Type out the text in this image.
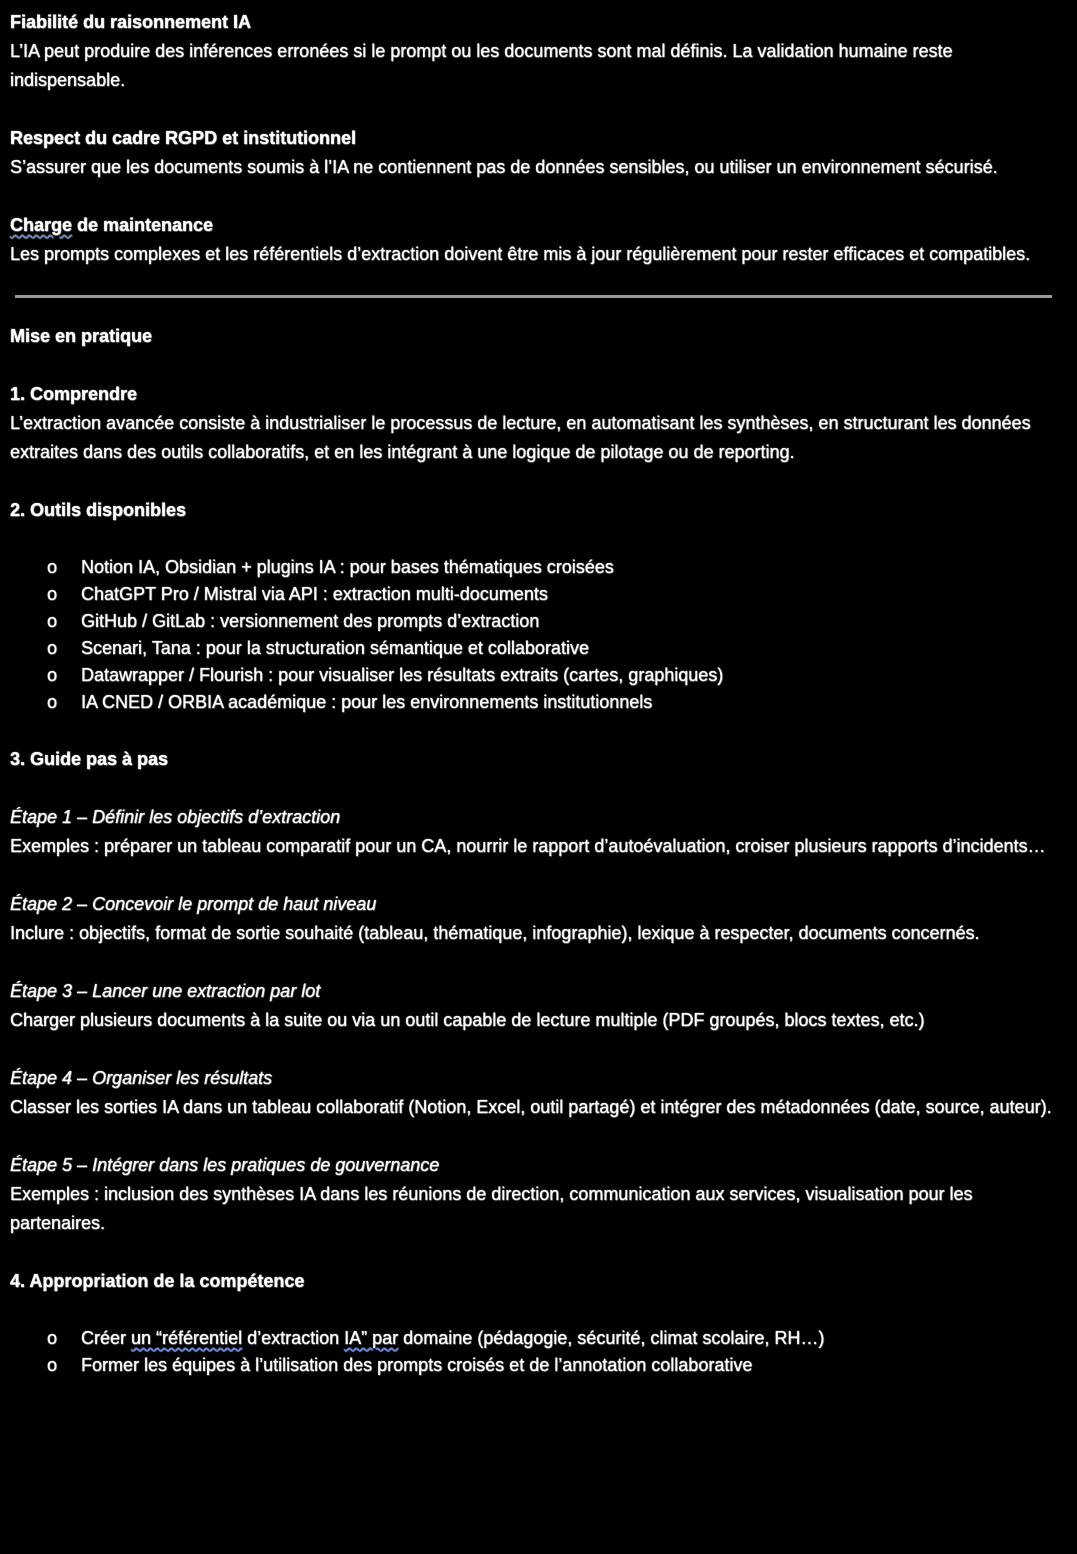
Fiabilité du raisonnement IA

L’IA peut produire des inférences erronées si le prompt ou les documents sont mal définis. La validation humaine reste indispensable.

Respect du cadre RGPD et institutionnel

S’assurer que les documents soumis à l’IA ne contiennent pas de données sensibles, ou utiliser un environnement sécurisé.

Charge de maintenance

Les prompts complexes et les référentiels d’extraction doivent être mis à jour régulièrement pour rester efficaces et compatibles.

Mise en pratique

1. Comprendre

L’extraction avancée consiste à industrialiser le processus de lecture, en automatisant les synthèses, en structurant les données extraites dans des outils collaboratifs, et en les intégrant à une logique de pilotage ou de reporting.

2. Outils disponibles

o Notion IA, Obsidian + plugins IA : pour bases thématiques croisées
o ChatGPT Pro / Mistral via API : extraction multi-documents
o GitHub / GitLab : versionnement des prompts d’extraction
o Scenari, Tana : pour la structuration sémantique et collaborative
o Datawrapper / Flourish : pour visualiser les résultats extraits (cartes, graphiques)
o IA CNED / ORBIA académique : pour les environnements institutionnels

3. Guide pas à pas

Étape 1 – Définir les objectifs d’extraction

Exemples : préparer un tableau comparatif pour un CA, nourrir le rapport d’autoévaluation, croiser plusieurs rapports d’incidents…

Étape 2 – Concevoir le prompt de haut niveau

Inclure : objectifs, format de sortie souhaité (tableau, thématique, infographie), lexique à respecter, documents concernés.

Étape 3 – Lancer une extraction par lot

Charger plusieurs documents à la suite ou via un outil capable de lecture multiple (PDF groupés, blocs textes, etc.)

Étape 4 – Organiser les résultats

Classer les sorties IA dans un tableau collaboratif (Notion, Excel, outil partagé) et intégrer des métadonnées (date, source, auteur).

Étape 5 – Intégrer dans les pratiques de gouvernance

Exemples : inclusion des synthèses IA dans les réunions de direction, communication aux services, visualisation pour les partenaires.

4. Appropriation de la compétence

o Créer un “référentiel d’extraction IA” par domaine (pédagogie, sécurité, climat scolaire, RH…)
o Former les équipes à l’utilisation des prompts croisés et de l’annotation collaborative
